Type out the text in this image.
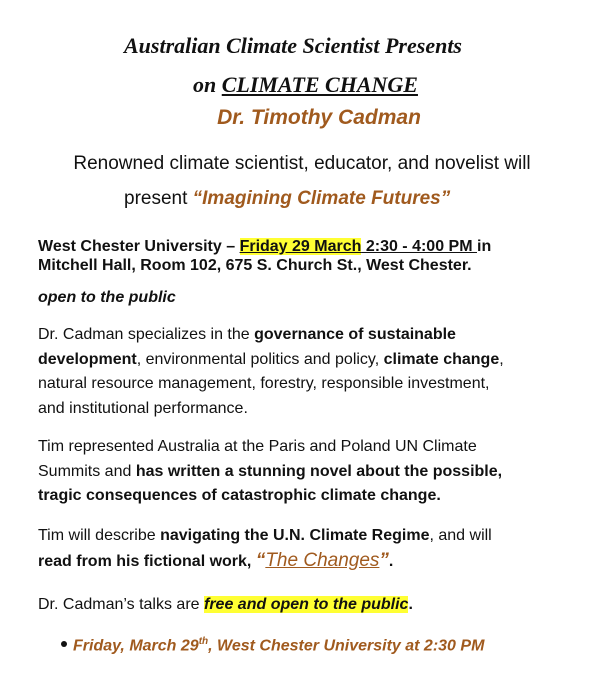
Australian Climate Scientist Presents
on CLIMATE CHANGE
Dr. Timothy Cadman
Renowned climate scientist, educator, and novelist will
present “Imagining Climate Futures”
West Chester University – Friday 29 March 2:30 - 4:00 PM in
Mitchell Hall, Room 102, 675 S. Church St., West Chester.
open to the public
Dr. Cadman specializes in the governance of sustainable
development, environmental politics and policy, climate change,
natural resource management, forestry, responsible investment,
and institutional performance.
Tim represented Australia at the Paris and Poland UN Climate
Summits and has written a stunning novel about the possible,
tragic consequences of catastrophic climate change.
Tim will describe navigating the U.N. Climate Regime, and will
read from his fictional work, “The Changes”.
Dr. Cadman’s talks are free and open to the public.
Friday, March 29th, West Chester University at 2:30 PM
